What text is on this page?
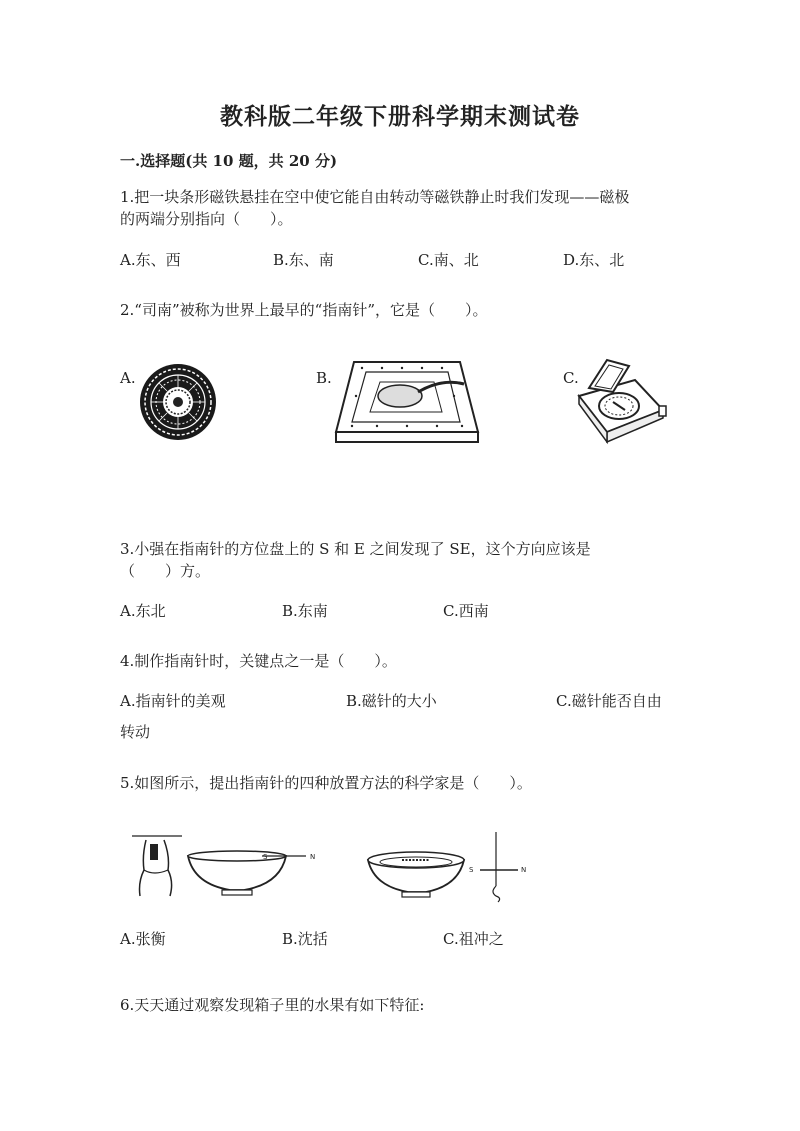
教科版二年级下册科学期末测试卷
一.选择题(共 10 题，共 20 分)
1.把一块条形磁铁悬挂在空中使它能自由转动等磁铁静止时我们发现——磁极
的两端分别指向（　　）。
A.东、西	B.东、南	C.南、北	D.东、北
2.“司南”被称为世界上最早的“指南针”，它是（　　）。
A.	B.	C.
3.小强在指南针的方位盘上的 S 和 E 之间发现了 SE，这个方向应该是
（　　）方。
A.东北	B.东南	C.西南
4.制作指南针时，关键点之一是（　　）。
A.指南针的美观	B.磁针的大小	C.磁针能否自由
转动
5.如图所示，提出指南针的四种放置方法的科学家是（　　）。
S	N
S	N
A.张衡	B.沈括	C.祖冲之
6.天天通过观察发现箱子里的水果有如下特征:
